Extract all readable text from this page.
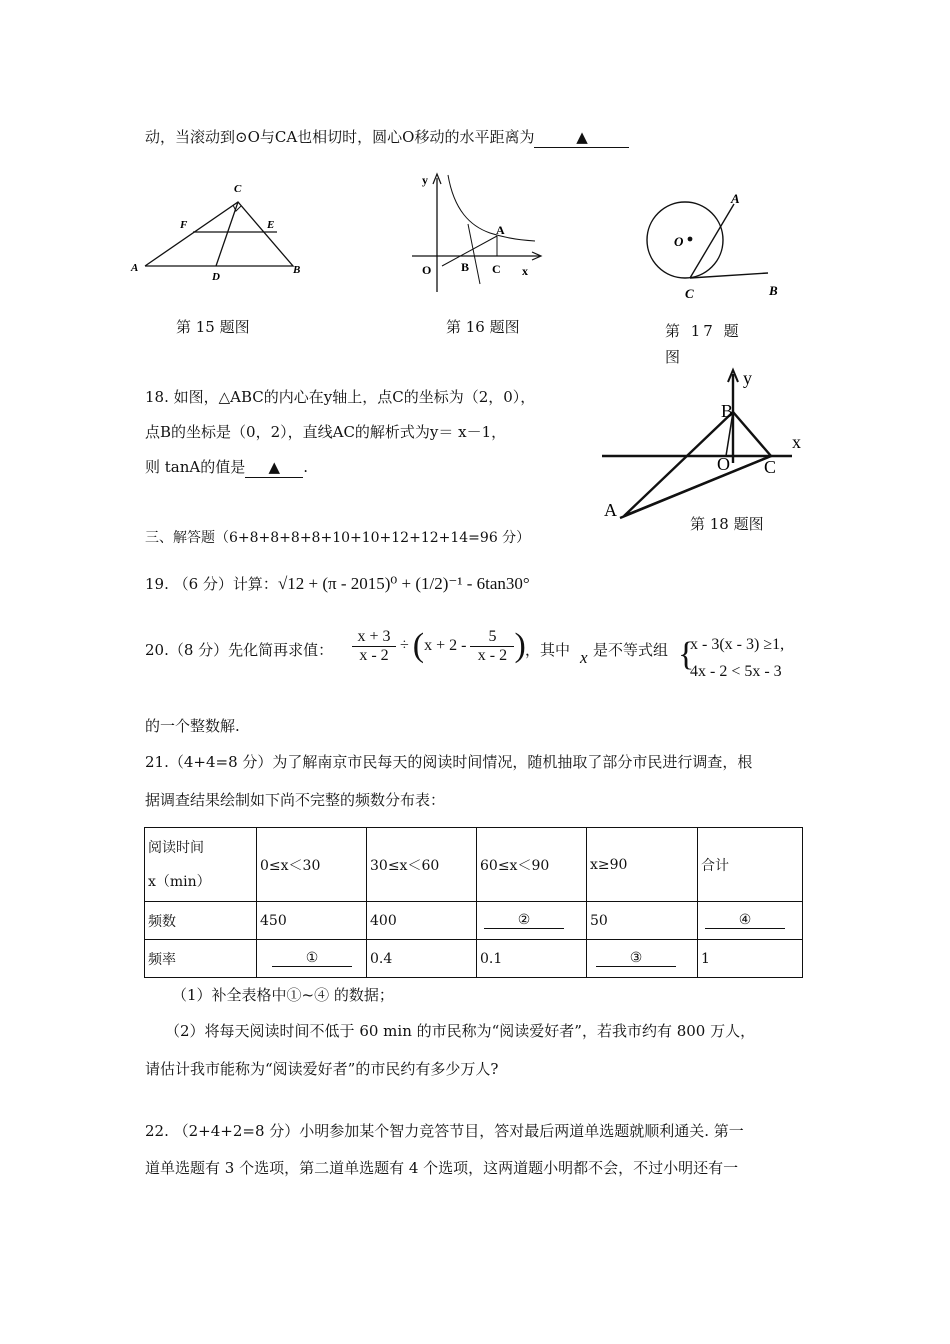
动，当滚动到⊙O与CA也相切时，圆心O移动的水平距离为	▲
C
F	E
A
D
B
第 15 题图
y
A
O B C x
第 16 题图
A
O
C	B
第 17 题
图
18. 如图，△ABC的内心在y轴上，点C的坐标为（2，0），
点B的坐标是（0，2），直线AC的解析式为y＝ x－1，
则 tanA的值是 ▲ .
y
B
x
O C
A
第 18 题图
三、解答题（6+8+8+8+8+10+10+12+12+14=96 分）
19. （6 分）计算：√12 + (π - 2015)⁰ + (1/2)⁻¹ - 6tan30°
20.（8 分）先化简再求值： $\frac{x + 3}{x - 2} \div (x + 2 - \frac{5}{x - 2}$ ) ，其中 x 是不等式组 {
x - 3(x - 3) ≥1,
4x - 2 < 5x - 3
的一个整数解.
21.（4+4=8 分）为了解南京市民每天的阅读时间情况，随机抽取了部分市民进行调查，根
据调查结果绘制如下尚不完整的频数分布表：
阅读时间
x（min）	0≤x＜30	30≤x＜60	60≤x＜90	x≥90	合计
频数	450	400	②	50	④
频率	①	0.4	0.1	③	1
（1）补全表格中①~④ 的数据；
（2）将每天阅读时间不低于 60 min 的市民称为“阅读爱好者”，若我市约有 800 万人，
请估计我市能称为“阅读爱好者”的市民约有多少万人?
22. （2+4+2=8 分）小明参加某个智力竞答节目，答对最后两道单选题就顺利通关. 第一
道单选题有 3 个选项，第二道单选题有 4 个选项，这两道题小明都不会，不过小明还有一
